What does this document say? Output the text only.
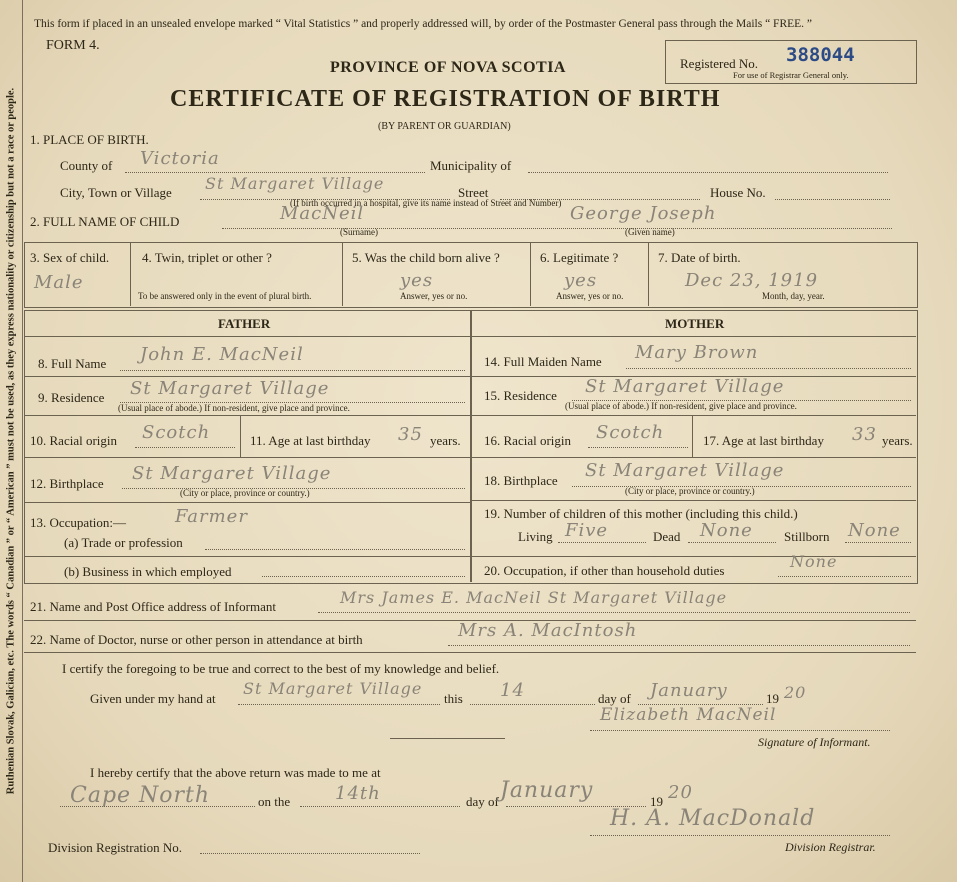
Ruthenian Slovak, Galician, etc. The words “ Canadian ” or “ American ” must not be used, as they express nationality or citizenship but not a race or people.
This form if placed in an unsealed envelope marked “ Vital Statistics ” and properly addressed will, by order of the Postmaster General pass through the Mails “ FREE. ”
FORM 4.
PROVINCE OF NOVA SCOTIA
CERTIFICATE OF REGISTRATION OF BIRTH
(BY PARENT OR GUARDIAN)
Registered No. 388044
For use of Registrar General only.
1. PLACE OF BIRTH.
County of Victoria	Municipality of
City, Town or Village St Margaret Village	Street	House No.
(If birth occurred in a hospital, give its name instead of Street and Number)
2. FULL NAME OF CHILD	MacNeil	George Joseph
(Surname)	(Given name)
3. Sex of child.
Male
4. Twin, triplet or other ?
To be answered only in the event of plural birth.
5. Was the child born alive ?
yes
Answer, yes or no.
6. Legitimate ?
yes
Answer, yes or no.
7. Date of birth.
Dec 23, 1919
Month, day, year.
FATHER	MOTHER
8. Full Name John E. MacNeil
9. Residence St Margaret Village
(Usual place of abode.) If non-resident, give place and province.
10. Racial origin Scotch	11. Age at last birthday 35 years.
12. Birthplace St Margaret Village
(City or place, province or country.)
13. Occupation:—	Farmer
(a) Trade or profession
(b) Business in which employed
14. Full Maiden Name Mary Brown
15. Residence St Margaret Village
(Usual place of abode.) If non-resident, give place and province.
16. Racial origin Scotch	17. Age at last birthday 33 years.
18. Birthplace St Margaret Village
(City or place, province or country.)
19. Number of children of this mother (including this child.)
Living Five	Dead None Stillborn None
20. Occupation, if other than household duties	None
21. Name and Post Office address of Informant	Mrs James E. MacNeil St Margaret Village
22. Name of Doctor, nurse or other person in attendance at birth	Mrs A. MacIntosh
I certify the foregoing to be true and correct to the best of my knowledge and belief.
Given under my hand at
St Margaret Village
this 14	day of January	19 20
Elizabeth MacNeil
Signature of Informant.
I hereby certify that the above return was made to me at
Cape North	on the 14th	day of January	19 20
H. A. MacDonald
Division Registration No.	Division Registrar.
